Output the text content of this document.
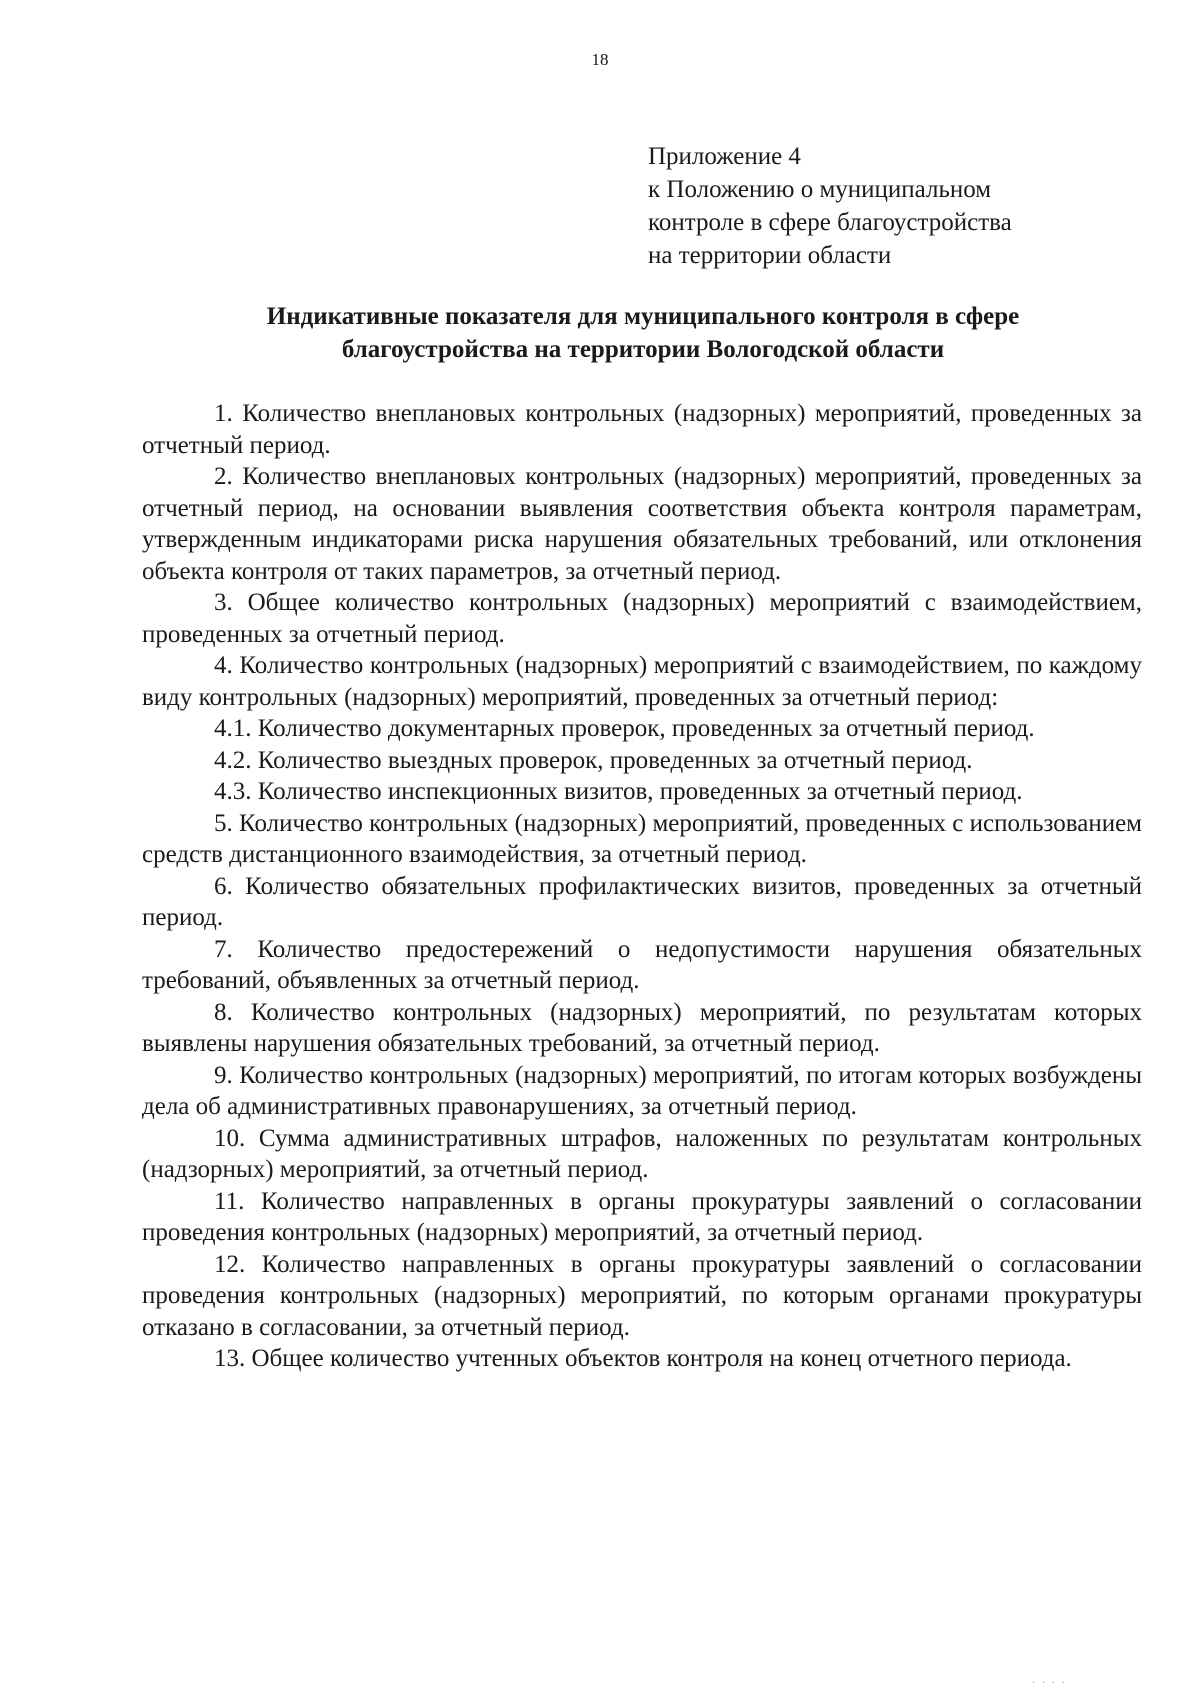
18
Приложение 4
к Положению о муниципальном
контроле в сфере благоустройства
на территории области
Индикативные показателя для муниципального контроля в сфере
благоустройства на территории Вологодской области

1. Количество внеплановых контрольных (надзорных) мероприятий, проведенных за отчетный период.

2. Количество внеплановых контрольных (надзорных) мероприятий, проведенных за отчетный период, на основании выявления соответствия объекта контроля параметрам, утвержденным индикаторами риска нарушения обязательных требований, или отклонения объекта контроля от таких параметров, за отчетный период.

3. Общее количество контрольных (надзорных) мероприятий с взаимодействием, проведенных за отчетный период.

4. Количество контрольных (надзорных) мероприятий с взаимодействием, по каждому виду контрольных (надзорных) мероприятий, проведенных за отчетный период:

4.1. Количество документарных проверок, проведенных за отчетный период.

4.2. Количество выездных проверок, проведенных за отчетный период.

4.3. Количество инспекционных визитов, проведенных за отчетный период.

5. Количество контрольных (надзорных) мероприятий, проведенных с использованием средств дистанционного взаимодействия, за отчетный период.

6. Количество обязательных профилактических визитов, проведенных за отчетный период.

7. Количество предостережений о недопустимости нарушения обязательных требований, объявленных за отчетный период.

8. Количество контрольных (надзорных) мероприятий, по результатам которых выявлены нарушения обязательных требований, за отчетный период.

9. Количество контрольных (надзорных) мероприятий, по итогам которых возбуждены дела об административных правонарушениях, за отчетный период.

10. Сумма административных штрафов, наложенных по результатам контрольных (надзорных) мероприятий, за отчетный период.

11. Количество направленных в органы прокуратуры заявлений о согласовании проведения контрольных (надзорных) мероприятий, за отчетный период.

12. Количество направленных в органы прокуратуры заявлений о согласовании проведения контрольных (надзорных) мероприятий, по которым органами прокуратуры отказано в согласовании, за отчетный период.

13. Общее количество учтенных объектов контроля на конец отчетного периода.

· · · ·
